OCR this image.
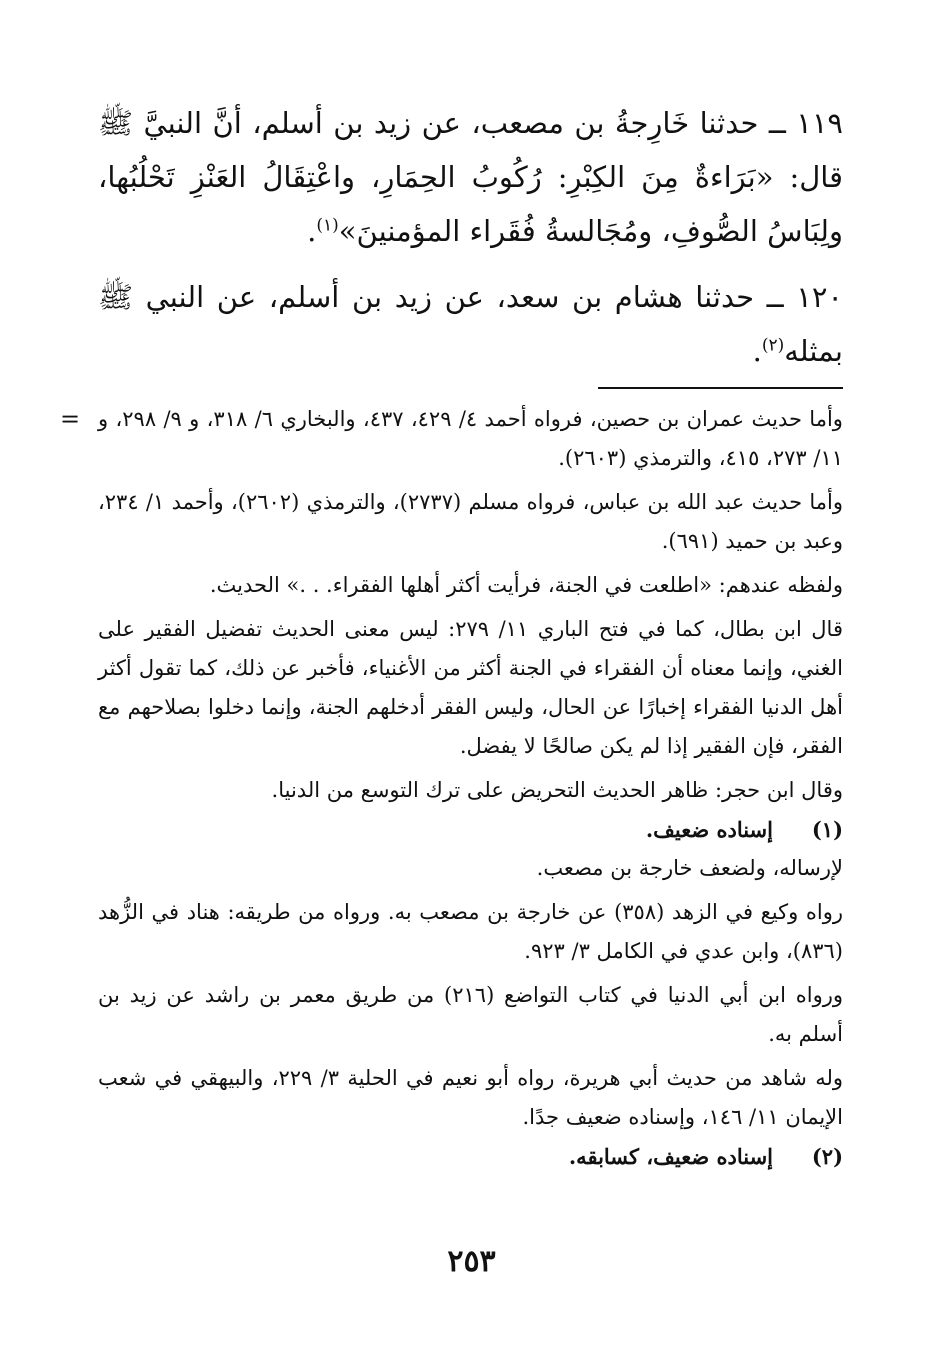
١١٩ ــ حدثنا خَارِجةُ بن مصعب، عن زيد بن أسلم، أنَّ النبيَّ ﷺ قال: «بَرَاءةٌ مِنَ الكِبْرِ: رُكُوبُ الحِمَارِ، واعْتِقَالُ العَنْزِ تَحْلُبُها، ولِبَاسُ الصُّوفِ، ومُجَالسةُ فُقَراء المؤمنينَ»$^{(١)}$.
١٢٠ ــ حدثنا هشام بن سعد، عن زيد بن أسلم، عن النبي ﷺ بمثله$^{(٢)}$.
= وأما حديث عمران بن حصين، فرواه أحمد ٤/ ٤٢٩، ٤٣٧، والبخاري ٦/ ٣١٨، و ٩/ ٢٩٨، و ١١/ ٢٧٣، ٤١٥، والترمذي (٢٦٠٣).

وأما حديث عبد الله بن عباس، فرواه مسلم (٢٧٣٧)، والترمذي (٢٦٠٢)، وأحمد ١/ ٢٣٤، وعبد بن حميد (٦٩١).

ولفظه عندهم: «اطلعت في الجنة، فرأيت أكثر أهلها الفقراء. . .» الحديث.

قال ابن بطال، كما في فتح الباري ١١/ ٢٧٩: ليس معنى الحديث تفضيل الفقير على الغني، وإنما معناه أن الفقراء في الجنة أكثر من الأغنياء، فأخبر عن ذلك، كما تقول أكثر أهل الدنيا الفقراء إخبارًا عن الحال، وليس الفقر أدخلهم الجنة، وإنما دخلوا بصلاحهم مع الفقر، فإن الفقير إذا لم يكن صالحًا لا يفضل.

وقال ابن حجر: ظاهر الحديث التحريض على ترك التوسع من الدنيا.

(١)

إسناده ضعيف.

لإرساله، ولضعف خارجة بن مصعب.

رواه وكيع في الزهد (٣٥٨) عن خارجة بن مصعب به. ورواه من طريقه: هناد في الزُّهد (٨٣٦)، وابن عدي في الكامل ٣/ ٩٢٣.

ورواه ابن أبي الدنيا في كتاب التواضع (٢١٦) من طريق معمر بن راشد عن زيد بن أسلم به.

وله شاهد من حديث أبي هريرة، رواه أبو نعيم في الحلية ٣/ ٢٢٩، والبيهقي في شعب الإيمان ١١/ ١٤٦، وإسناده ضعيف جدًا.

(٢)

إسناده ضعيف، كسابقه.

٢٥٣
